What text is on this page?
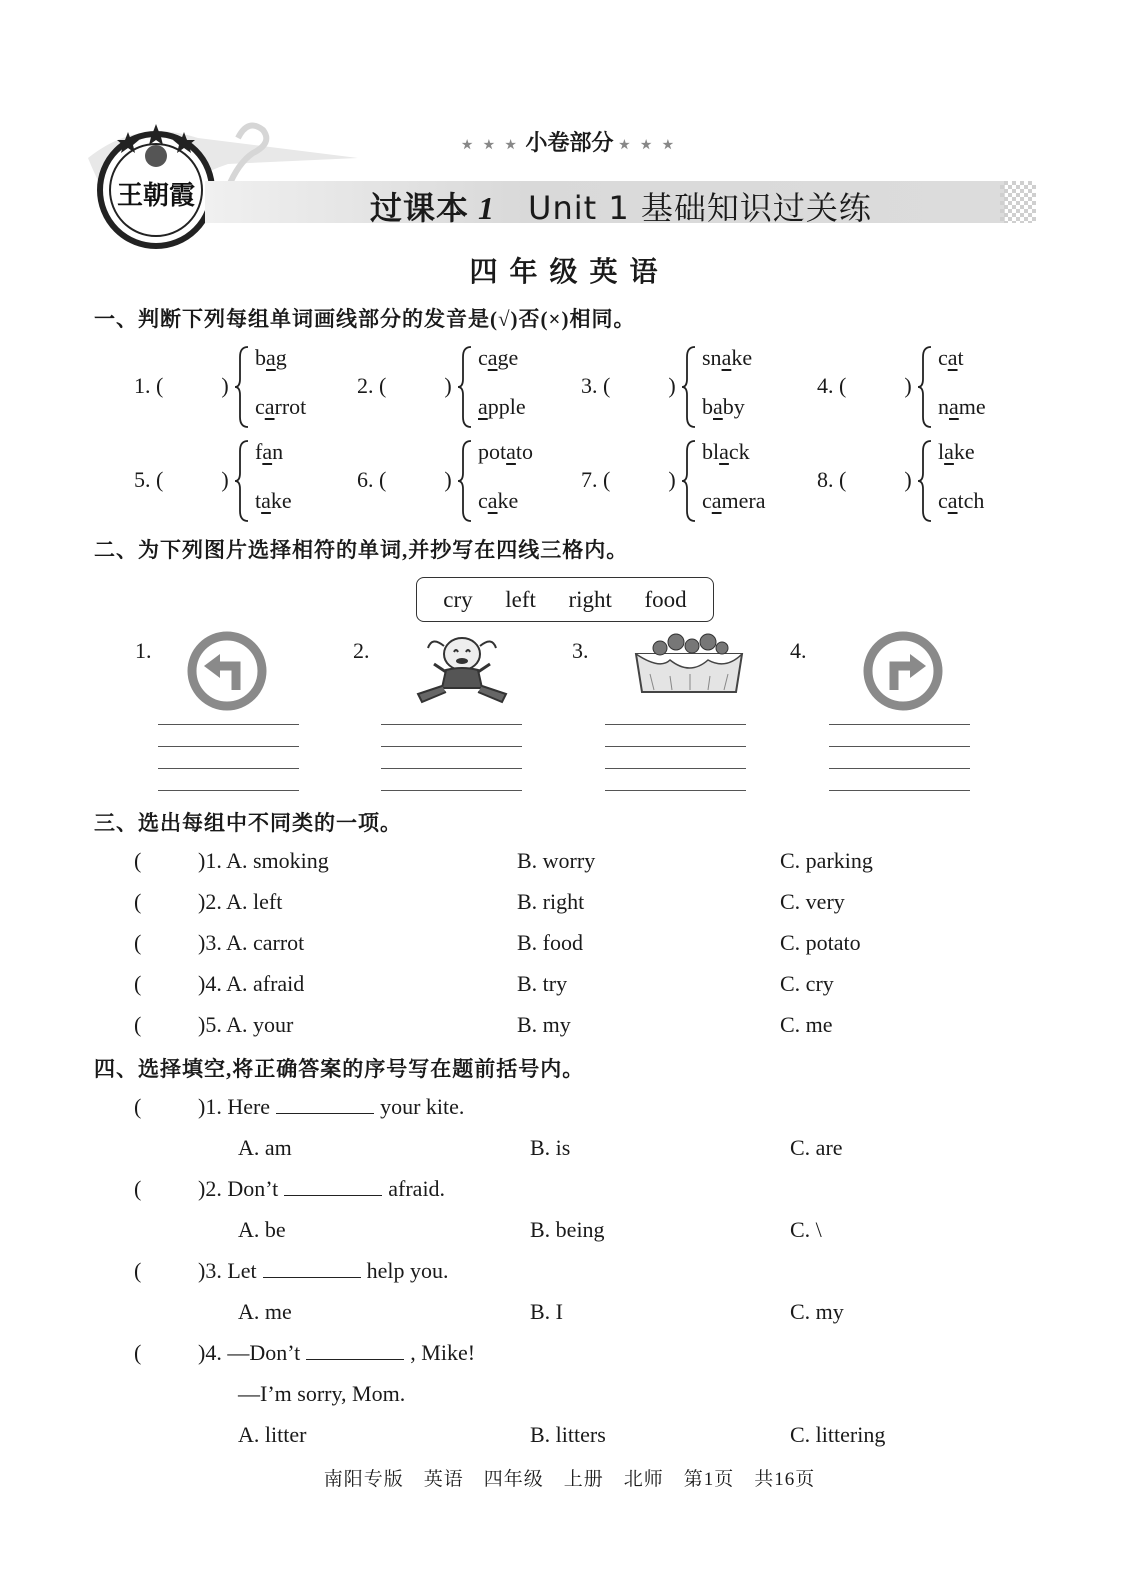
王朝霞
★ ★ ★ 小卷部分 ★ ★ ★
过课本 1 Unit 1 基础知识过关练
四年级英语
一、判断下列每组单词画线部分的发音是(√)否(×)相同。
1. (	)
bag
carrot
2. (	)
cage
apple
3. (	)
snake
baby
4. (	)
cat
name
5. (	)
fan
take
6. (	)
potato
cake
7. (	)
black
camera
8. (	)
lake
catch
二、为下列图片选择相符的单词,并抄写在四线三格内。
cry left right food
1.	2.	3.	4.
三、选出每组中不同类的一项。
(	)1. A. smoking	B. worry	C. parking
(	)2. A. left	B. right	C. very
(	)3. A. carrot	B. food	C. potato
(	)4. A. afraid	B. try	C. cry
(	)5. A. your	B. my	C. me
四、选择填空,将正确答案的序号写在题前括号内。
(	)1. Here	your kite.
A. am	B. is	C. are
(	)2. Don’t	afraid.
A. be	B. being	C. \
(	)3. Let	help you.
A. me	B. I	C. my
(	)4. —Don’t	, Mike!
—I’m sorry, Mom.
A. litter	B. litters	C. littering
南阳专版　英语　四年级　上册　北师　第1页　共16页
